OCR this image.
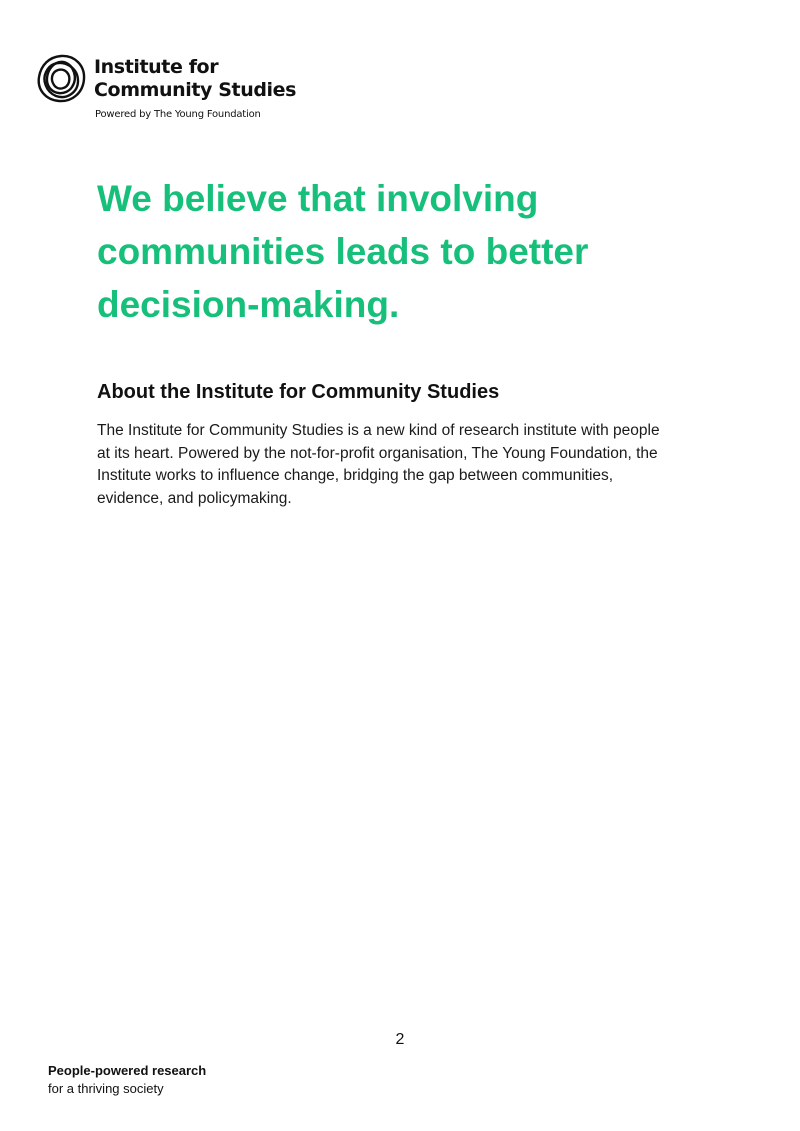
Institute for
Community Studies
Powered by The Young Foundation
We believe that involving
communities leads to better
decision-making.
About the Institute for Community Studies

The Institute for Community Studies is a new kind of research institute with people
at its heart. Powered by the not-for-profit organisation, The Young Foundation, the
Institute works to influence change, bridging the gap between communities,
evidence, and policymaking.

2
People-powered research
for a thriving society
